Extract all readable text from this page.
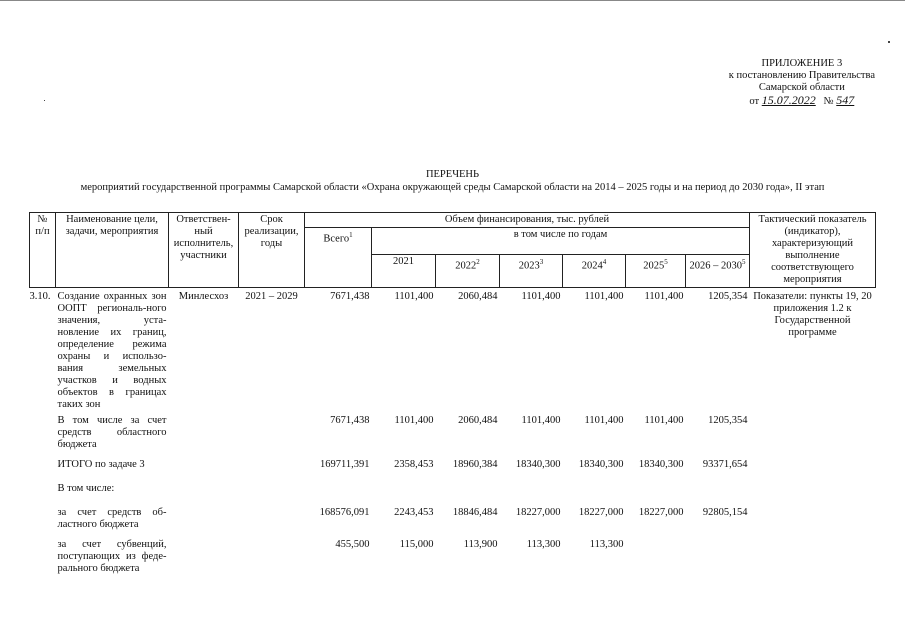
ПРИЛОЖЕНИЕ 3
к постановлению Правительства
Самарской области
от 15.07.2022 № 547
ПЕРЕЧЕНЬ
мероприятий государственной программы Самарской области «Охрана окружающей среды Самарской области на 2014 – 2025 годы и на период до 2030 года», II этап
№ п/п	Наименование цели, задачи, мероприятия	Ответствен-ный исполнитель, участники	Срок реализации, годы	Объем финансирования, тыс. рублей							Тактический показатель (индикатор), характеризующий выполнение соответствующего мероприятия
				Всего$^1$	в том числе по годам						
					2021	2022$^2$	2023$^3$	2024$^4$	2025$^5$	2026 – 2030$^5$
3.10.	Создание охранных зон ООПТ региональ-ного значения, уста-новление их границ, определение режима охраны и использо-вания земельных участков и водных объектов в границах таких зон	Минлесхоз	2021 – 2029	7671,438	1101,400	2060,484	1101,400	1101,400	1101,400	1205,354	Показатели: пункты 19, 20 приложения 1.2 к Государственной программе
	В том числе за счет средств областного бюджета			7671,438	1101,400	2060,484	1101,400	1101,400	1101,400	1205,354	
	ИТОГО по задаче 3			169711,391	2358,453	18960,384	18340,300	18340,300	18340,300	93371,654	
	В том числе:										
	за счет средств об-ластного бюджета			168576,091	2243,453	18846,484	18227,000	18227,000	18227,000	92805,154	
	за счет субвенций, поступающих из феде-рального бюджета			455,500	115,000	113,900	113,300	113,300			
